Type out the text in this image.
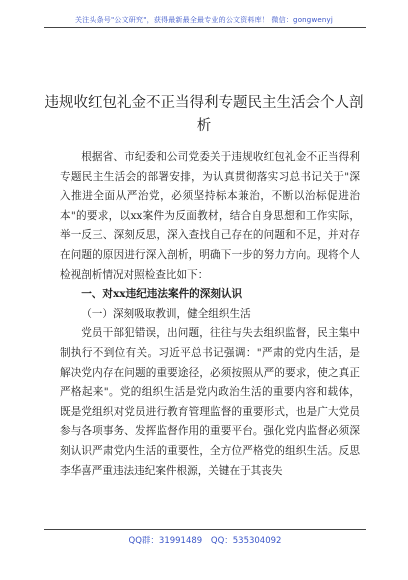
关注头条号"公文研究"，获得最新最全最专业的公文资料库！ 微信：gongwenyj
违规收红包礼金不正当得利专题民主生活会个人剖析

根据省、市纪委和公司党委关于违规收红包礼金不正当得利专题民主生活会的部署安排，为认真贯彻落实习总书记关于"深入推进全面从严治党，必须坚持标本兼治，不断以治标促进治本"的要求，以xx案件为反面教材，结合自身思想和工作实际，举一反三、深刻反思，深入查找自己存在的问题和不足，并对存在问题的原因进行深入剖析，明确下一步的努力方向。现将个人检视剖析情况对照检查比如下：

一、对xx违纪违法案件的深刻认识

（一）深刻吸取教训，健全组织生活

党员干部犯错误，出问题，往往与失去组织监督，民主集中制执行不到位有关。习近平总书记强调："严肃的党内生活，是解决党内存在问题的重要途径，必须按照从严的要求，使之真正严格起来"。党的组织生活是党内政治生活的重要内容和载体，既是党组织对党员进行教育管理监督的重要形式，也是广大党员参与各项事务、发挥监督作用的重要平台。强化党内监督必须深刻认识严肃党内生活的重要性，全方位严格党的组织生活。反思李华喜严重违法违纪案件根源，关键在于其丧失

QQ群：31991489 QQ：535304092
